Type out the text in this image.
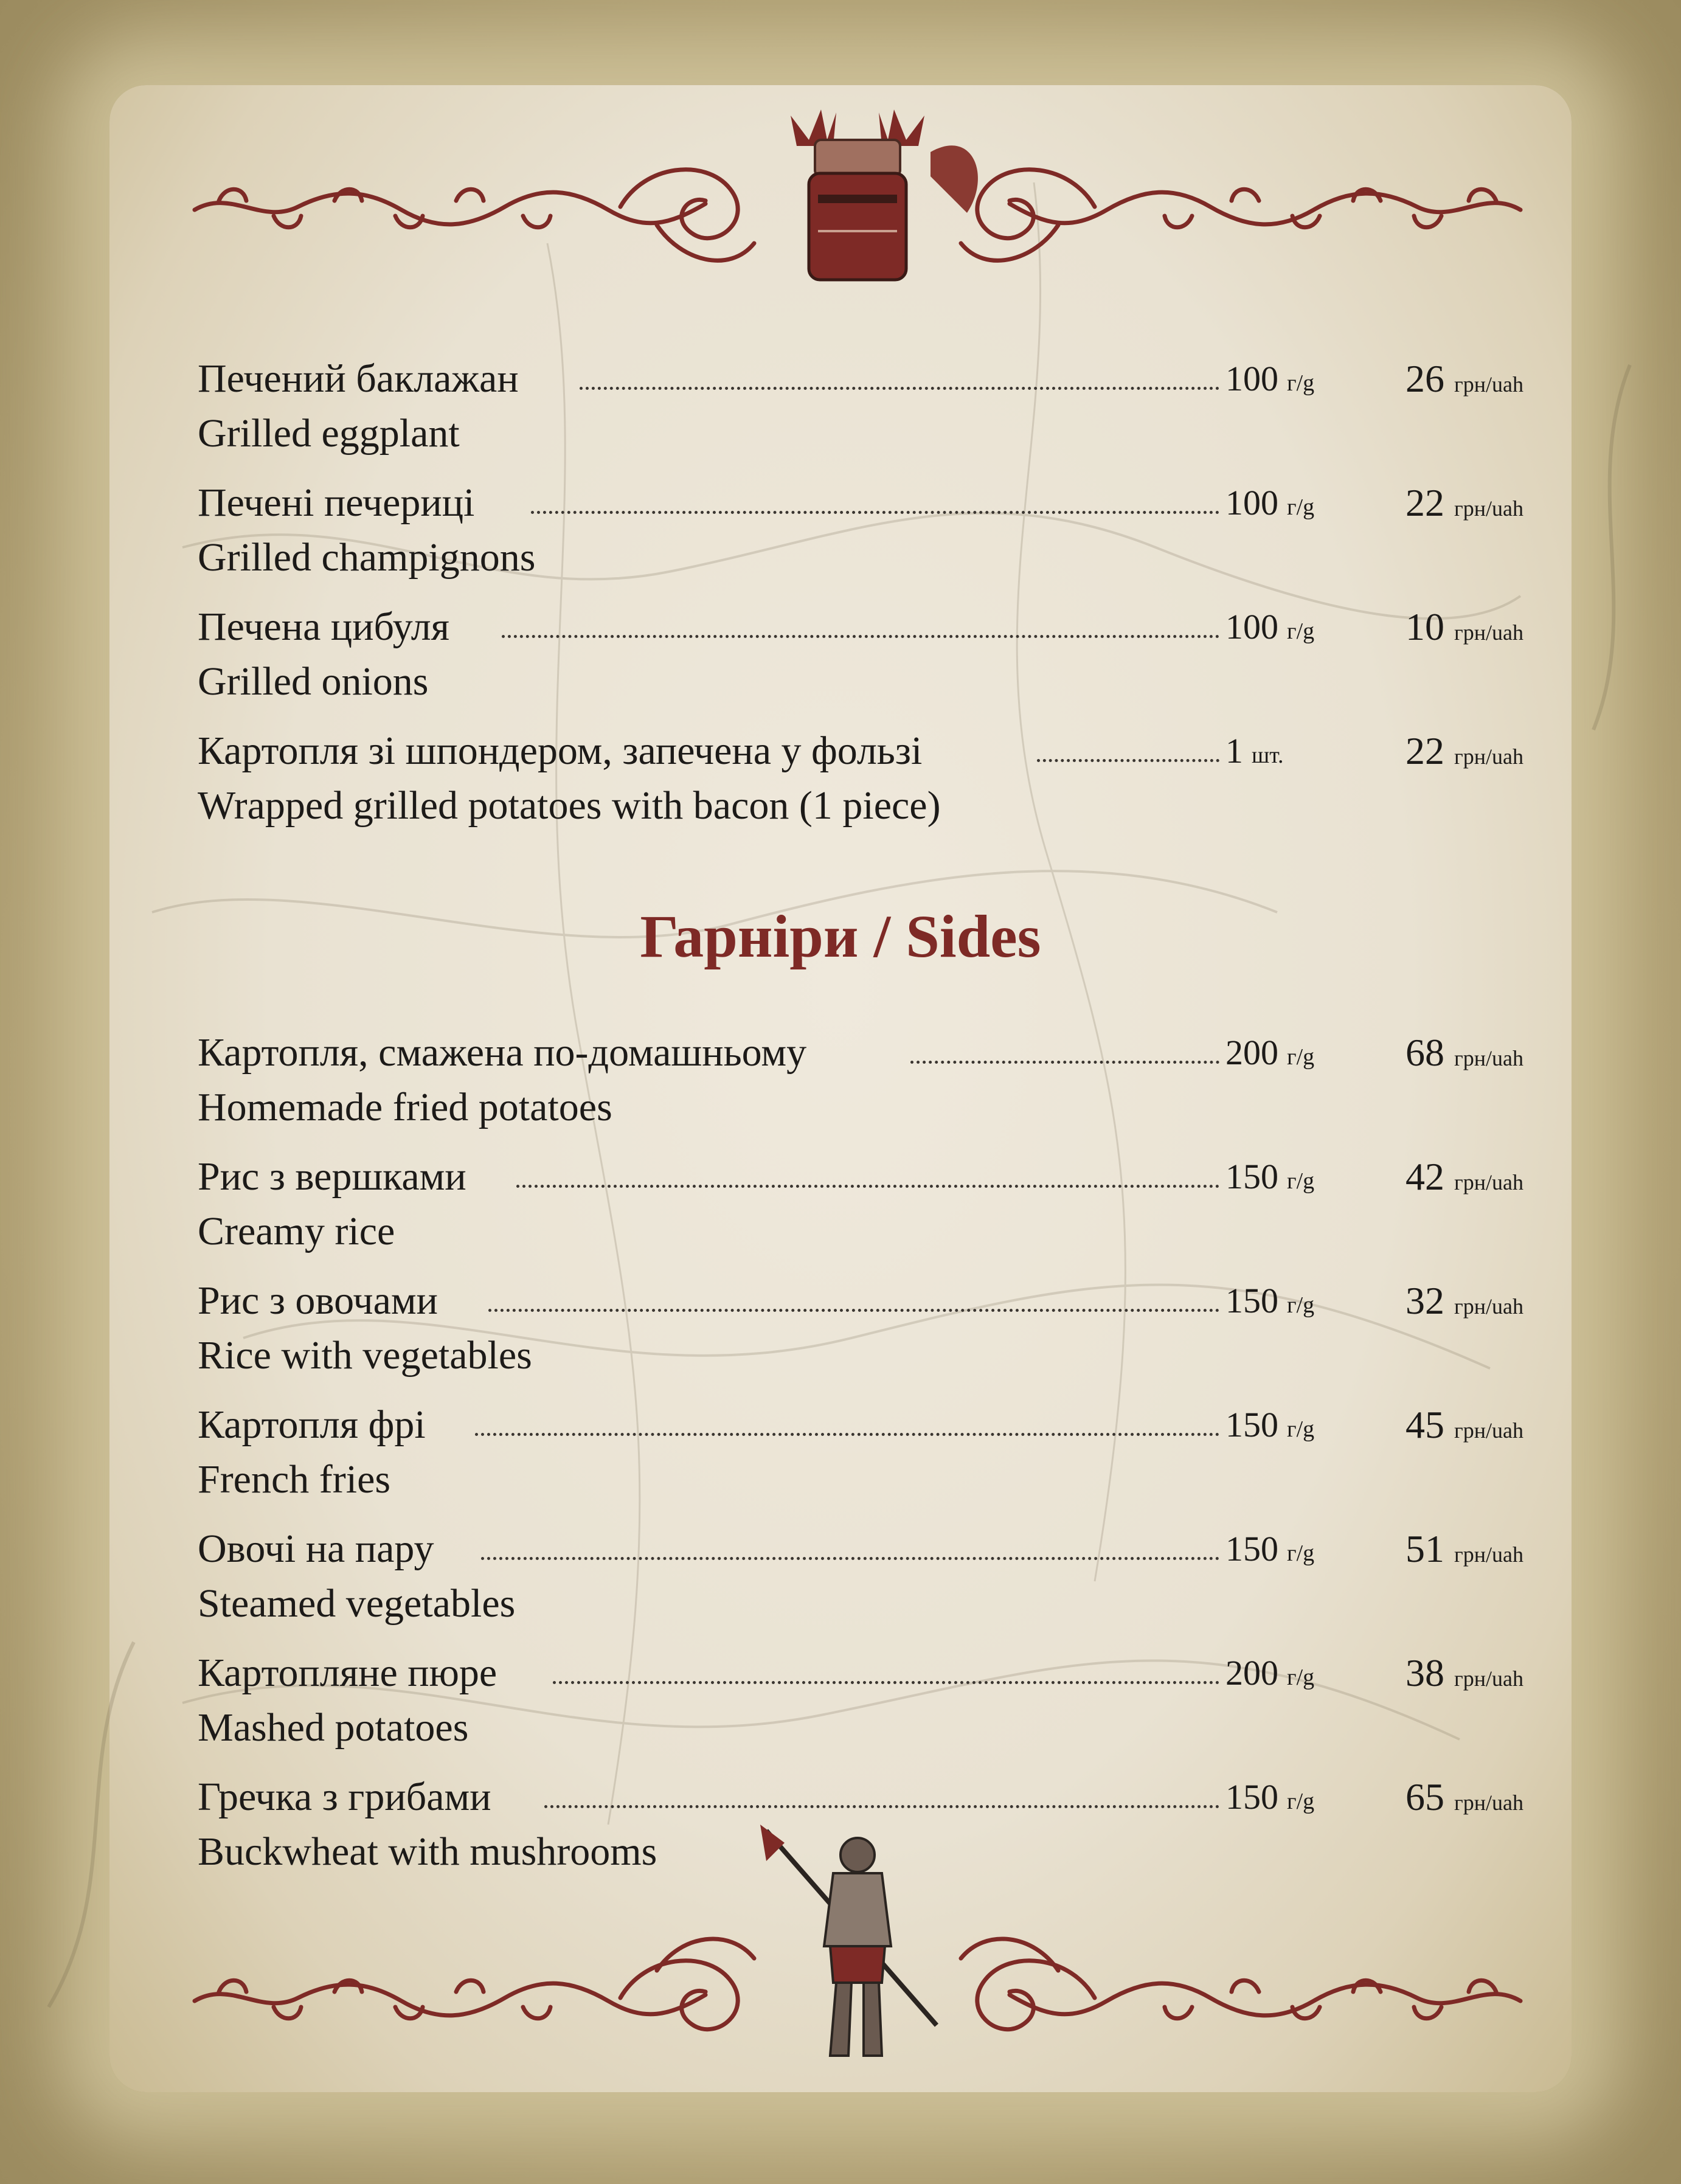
Печений баклажан	100 г/g 26 грн/uah
Grilled eggplant
Печені печериці	100 г/g 22 грн/uah
Grilled champignons
Печена цибуля	100 г/g 10 грн/uah
Grilled onions
Картопля зі шпондером, запечена у фользі	1 шт.	22 грн/uah
Wrapped grilled potatoes with bacon (1 piece)
Гарніри / Sides
Картопля, смажена по-домашньому	200 г/g 68 грн/uah
Homemade fried potatoes
Рис з вершками	150 г/g 42 грн/uah
Creamy rice
Рис з овочами	150 г/g 32 грн/uah
Rice with vegetables
Картопля фрі	150 г/g 45 грн/uah
French fries
Овочі на пару	150 г/g 51 грн/uah
Steamed vegetables
Картопляне пюре	200 г/g 38 грн/uah
Mashed potatoes
Гречка з грибами	150 г/g 65 грн/uah
Buckwheat with mushrooms
